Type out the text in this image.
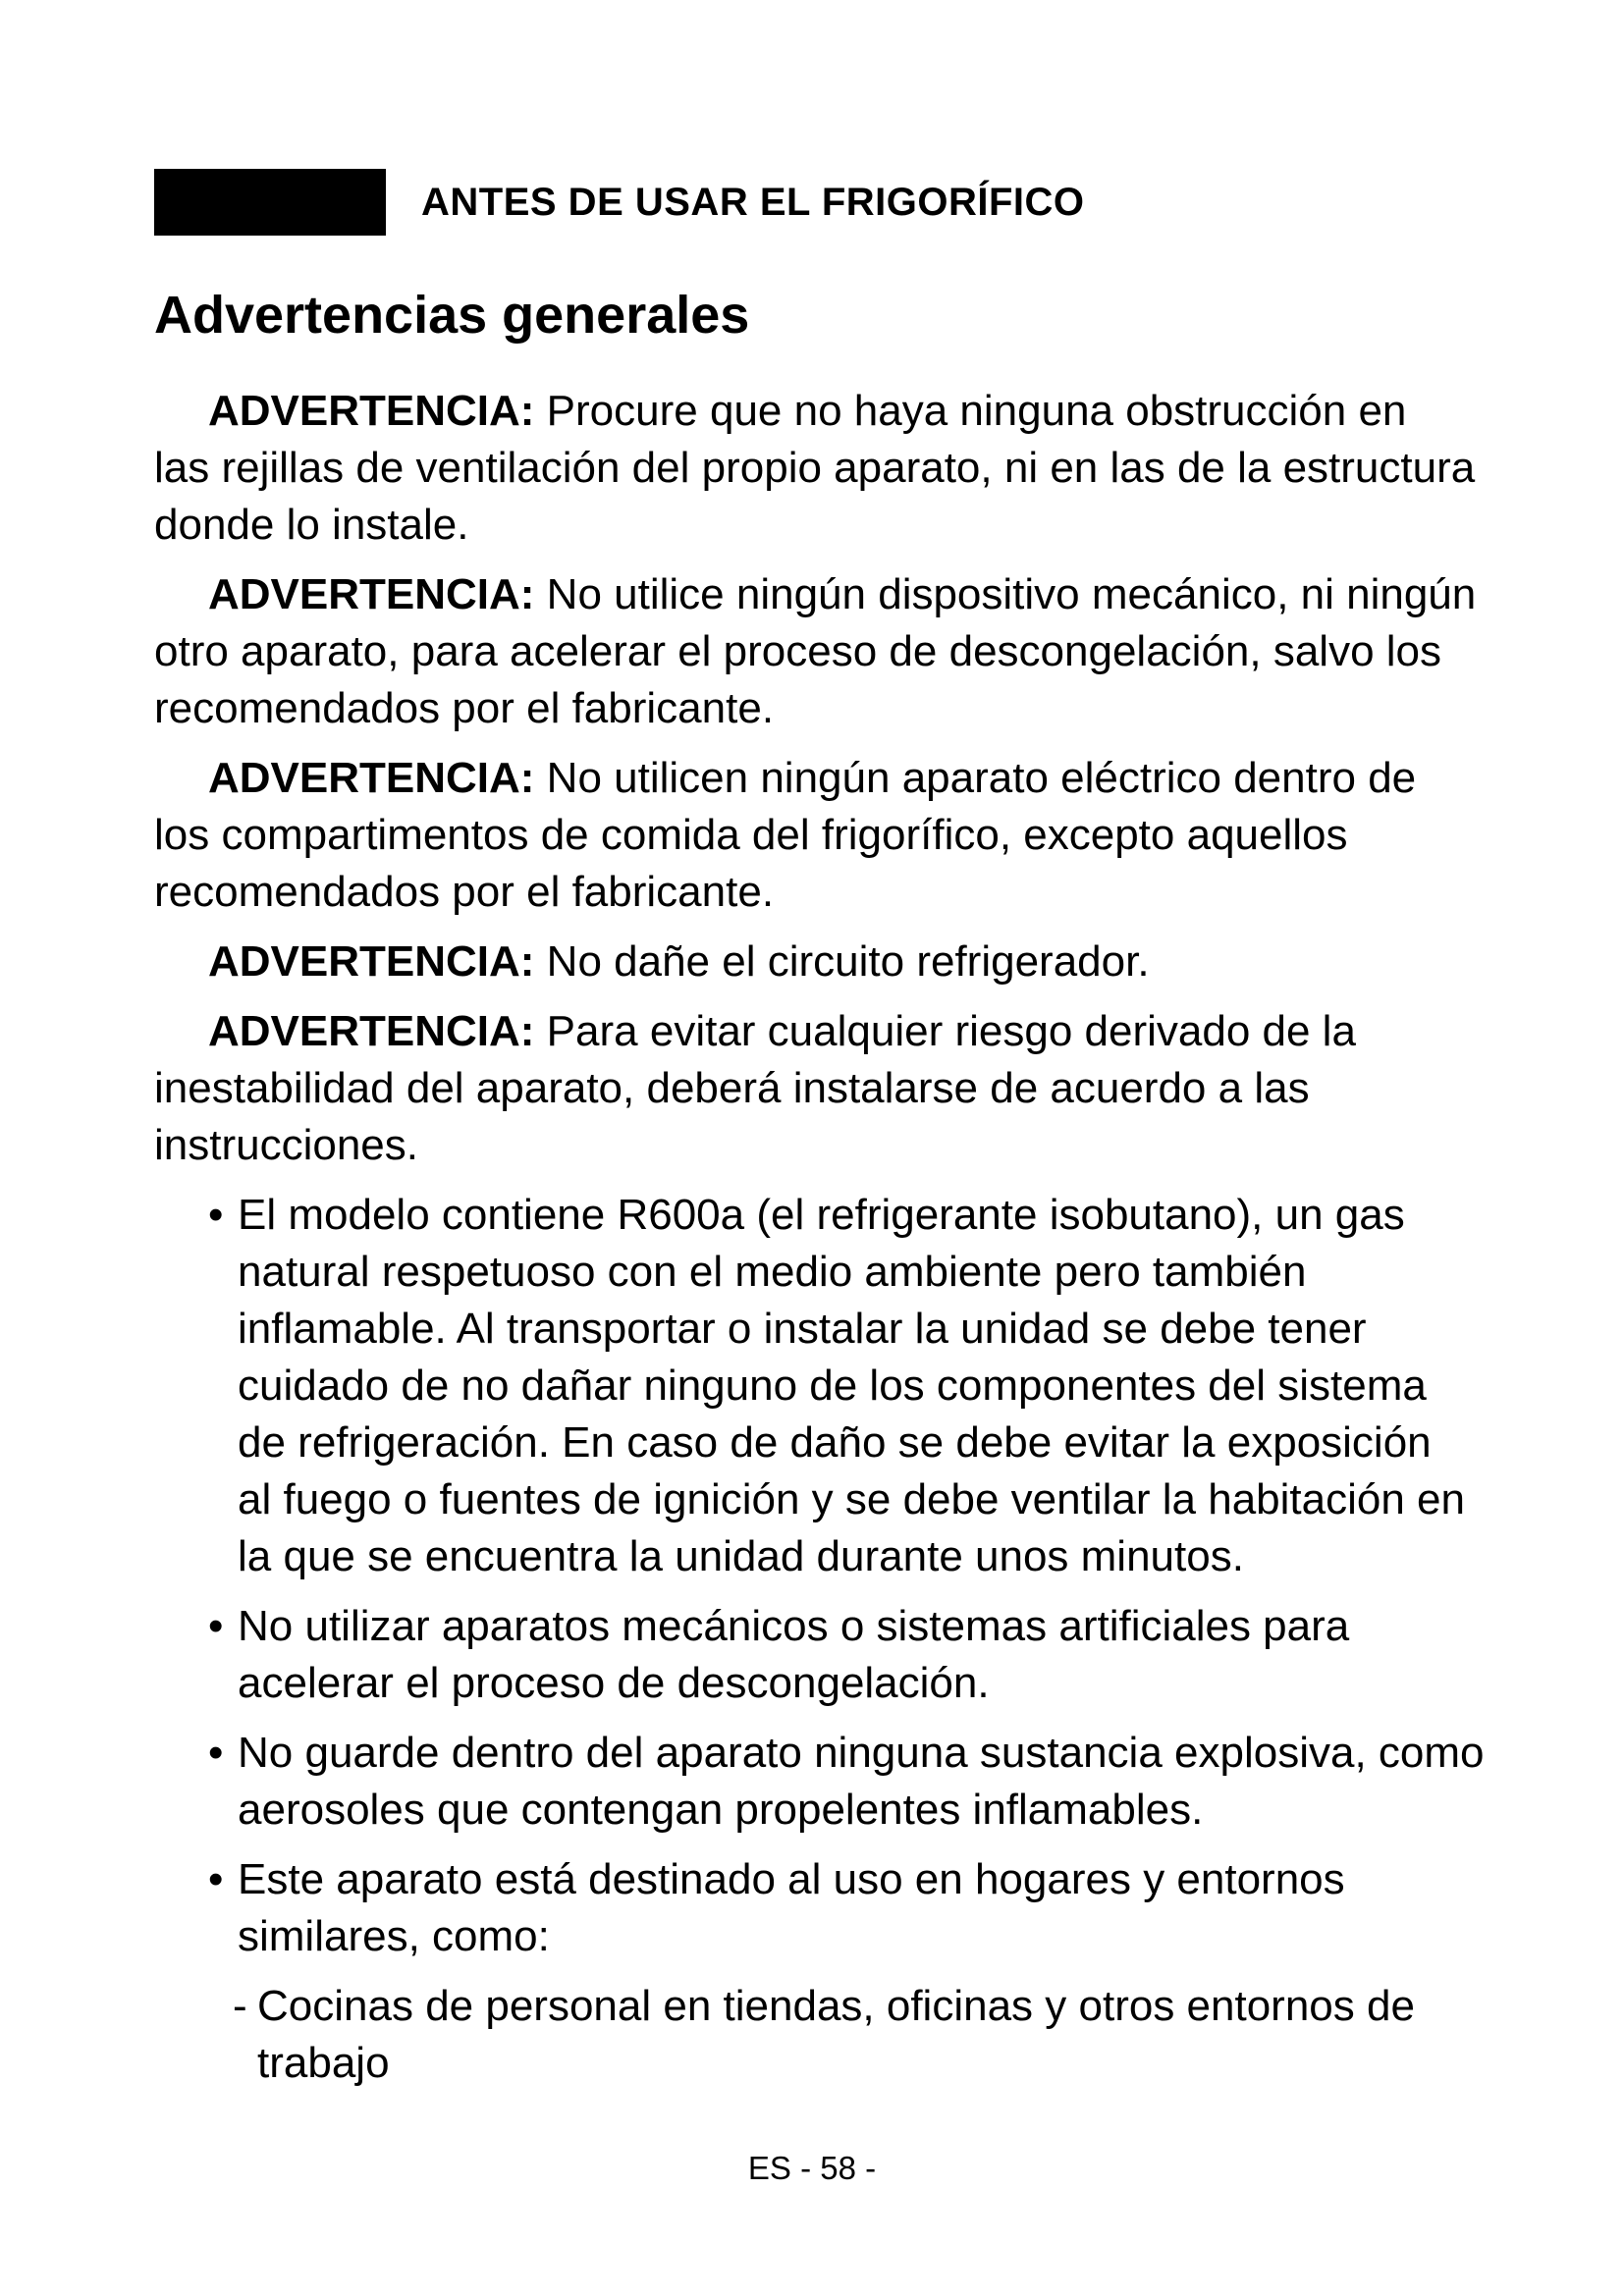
ANTES DE USAR EL FRIGORÍFICO
Advertencias generales
ADVERTENCIA: Procure que no haya ninguna obstrucción en
las rejillas de ventilación del propio aparato, ni en las de la estructura
donde lo instale.
ADVERTENCIA: No utilice ningún dispositivo mecánico, ni ningún
otro aparato, para acelerar el proceso de descongelación, salvo los
recomendados por el fabricante.
ADVERTENCIA: No utilicen ningún aparato eléctrico dentro de
los compartimentos de comida del frigorífico, excepto aquellos
recomendados por el fabricante.
ADVERTENCIA: No dañe el circuito refrigerador.
ADVERTENCIA: Para evitar cualquier riesgo derivado de la
inestabilidad del aparato, deberá instalarse de acuerdo a las
instrucciones.
• El modelo contiene R600a (el refrigerante isobutano), un gas
natural respetuoso con el medio ambiente pero también
inflamable. Al transportar o instalar la unidad se debe tener
cuidado de no dañar ninguno de los componentes del sistema
de refrigeración. En caso de daño se debe evitar la exposición
al fuego o fuentes de ignición y se debe ventilar la habitación en
la que se encuentra la unidad durante unos minutos.
• No utilizar aparatos mecánicos o sistemas artificiales para
acelerar el proceso de descongelación.
• No guarde dentro del aparato ninguna sustancia explosiva, como
aerosoles que contengan propelentes inflamables.
• Este aparato está destinado al uso en hogares y entornos
similares, como:
- Cocinas de personal en tiendas, oficinas y otros entornos de
trabajo
ES - 58 -
